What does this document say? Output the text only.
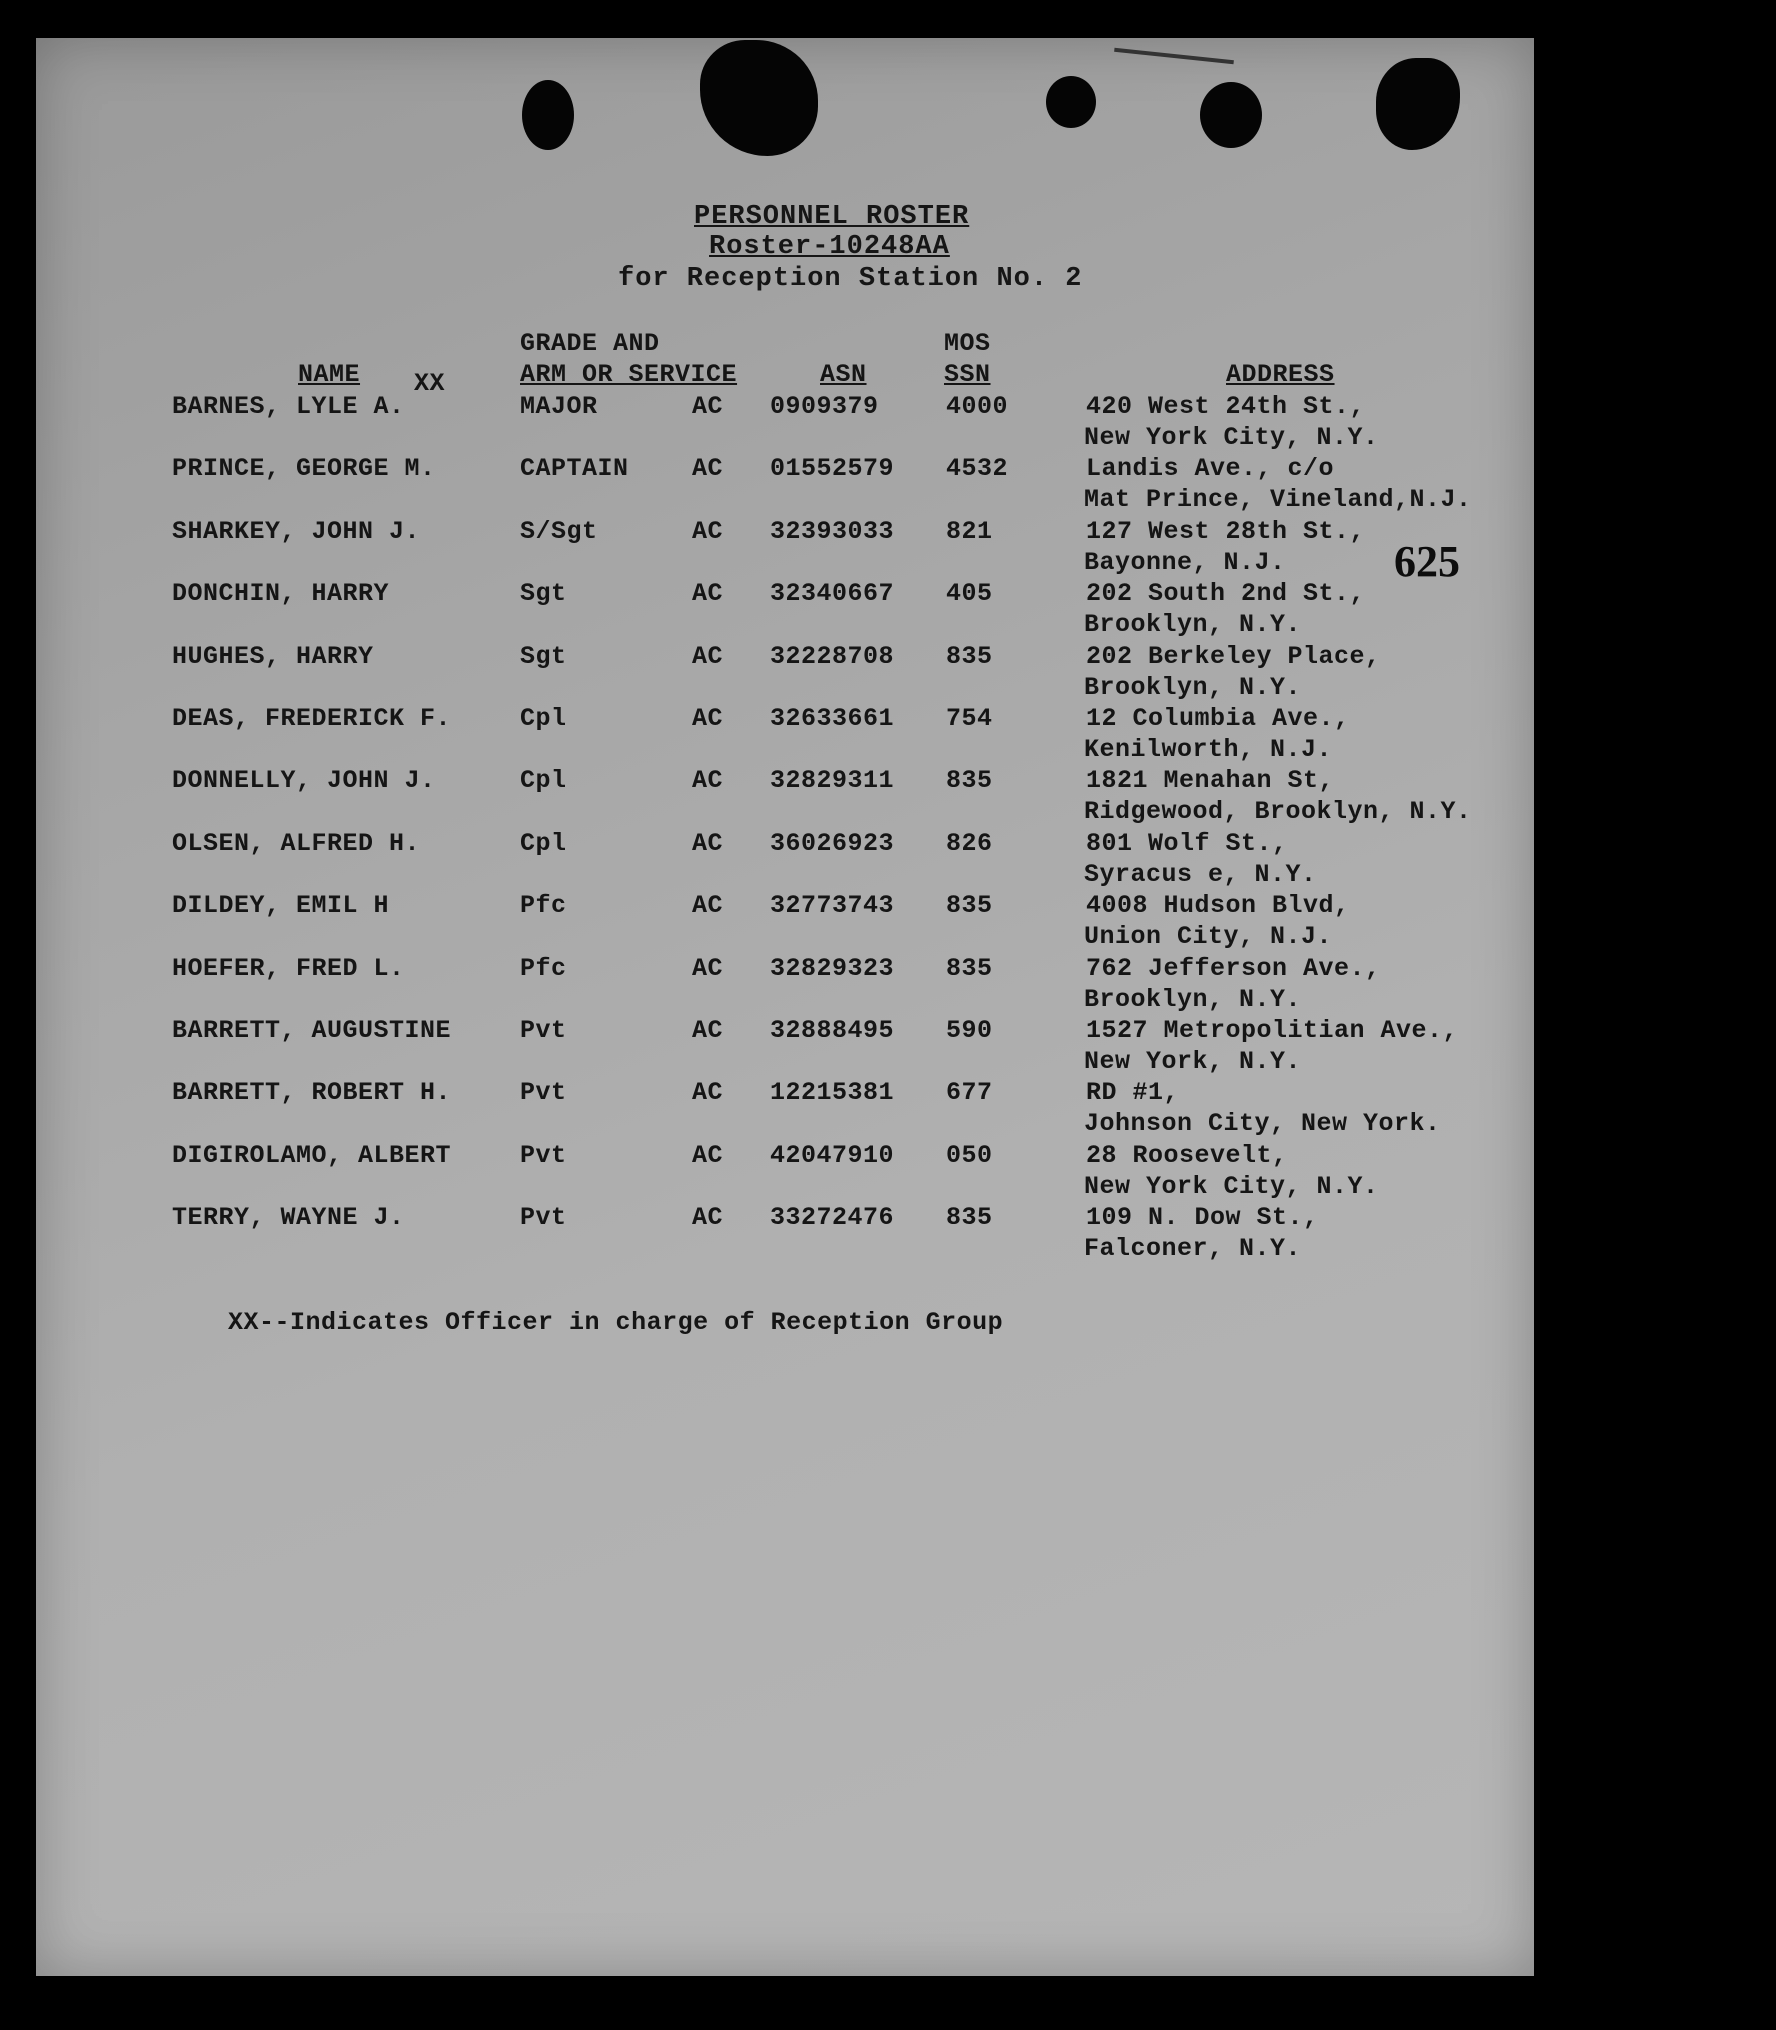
PERSONNEL ROSTER
Roster-10248AA
for Reception Station No. 2
625
GRADE AND
ARM OR SERVICE
MOS
SSN
NAME XX	ASN	ADDRESS
BARNES, LYLE A.	MAJOR	AC 0909379	4000	420 West 24th St.,
New York City, N.Y.
PRINCE, GEORGE M.	CAPTAIN	AC 01552579 4532	Landis Ave., c/o
Mat Prince, Vineland,N.J.
SHARKEY, JOHN J.	S/Sgt	AC 32393033 821	127 West 28th St.,
Bayonne, N.J.
DONCHIN, HARRY	Sgt	AC 32340667 405	202 South 2nd St.,
Brooklyn, N.Y.
HUGHES, HARRY	Sgt	AC 32228708 835	202 Berkeley Place,
Brooklyn, N.Y.
DEAS, FREDERICK F.	Cpl	AC 32633661 754	12 Columbia Ave.,
Kenilworth, N.J.
DONNELLY, JOHN J.	Cpl	AC 32829311 835	1821 Menahan St,
Ridgewood, Brooklyn, N.Y.
OLSEN, ALFRED H.	Cpl	AC 36026923 826	801 Wolf St.,
Syracus e, N.Y.
DILDEY, EMIL H	Pfc	AC 32773743 835	4008 Hudson Blvd,
Union City, N.J.
HOEFER, FRED L.	Pfc	AC 32829323 835	762 Jefferson Ave.,
Brooklyn, N.Y.
BARRETT, AUGUSTINE	Pvt	AC 32888495 590	1527 Metropolitian Ave.,
New York, N.Y.
BARRETT, ROBERT H.	Pvt	AC 12215381 677	RD #1,
Johnson City, New York.
DIGIROLAMO, ALBERT	Pvt	AC 42047910 050	28 Roosevelt,
New York City, N.Y.
TERRY, WAYNE J.	Pvt	AC 33272476 835	109 N. Dow St.,
Falconer, N.Y.
XX--Indicates Officer in charge of Reception Group
